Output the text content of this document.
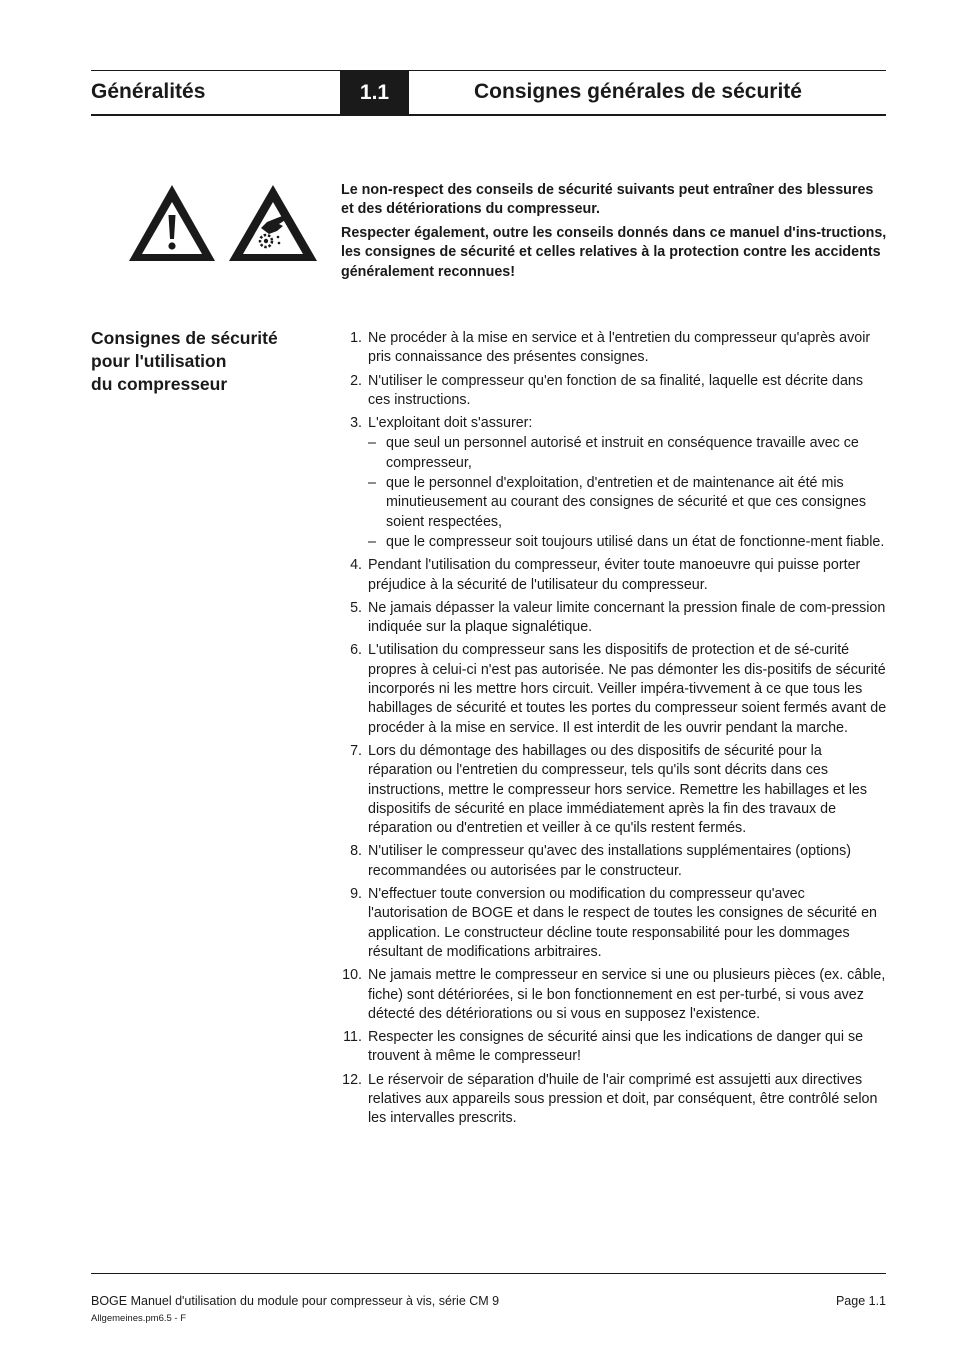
Généralités	1.1	Consignes générales de sécurité

Le non-respect des conseils de sécurité suivants peut entraîner des blessures et des détériorations du compresseur.

Respecter également, outre les conseils donnés dans ce manuel d'ins-tructions, les consignes de sécurité et celles relatives à la protection contre les accidents généralement reconnues!

Consignes de sécurité
pour l'utilisation
du compresseur
1. Ne procéder à la mise en service et à l'entretien du compresseur qu'après avoir pris connaissance des présentes consignes.
2. N'utiliser le compresseur qu'en fonction de sa finalité, laquelle est décrite dans ces instructions.
3. L'exploitant doit s'assurer:
– que seul un personnel autorisé et instruit en conséquence travaille avec ce compresseur,
– que le personnel d'exploitation, d'entretien et de maintenance ait été mis minutieusement au courant des consignes de sécurité et que ces consignes soient respectées,
– que le compresseur soit toujours utilisé dans un état de fonctionne-ment fiable.
4. Pendant l'utilisation du compresseur, éviter toute manoeuvre qui puisse porter préjudice à la sécurité de l'utilisateur du compresseur.
5. Ne jamais dépasser la valeur limite concernant la pression finale de com-pression indiquée sur la plaque signalétique.
6. L'utilisation du compresseur sans les dispositifs de protection et de sé-curité propres à celui-ci n'est pas autorisée. Ne pas démonter les dis-positifs de sécurité incorporés ni les mettre hors circuit. Veiller impéra-tivvement à ce que tous les habillages de sécurité et toutes les portes du compresseur soient fermés avant de procéder à la mise en service. Il est interdit de les ouvrir pendant la marche.
7. Lors du démontage des habillages ou des dispositifs de sécurité pour la réparation ou l'entretien du compresseur, tels qu'ils sont décrits dans ces instructions, mettre le compresseur hors service. Remettre les habillages et les dispositifs de sécurité en place immédiatement après la fin des travaux de réparation ou d'entretien et veiller à ce qu'ils restent fermés.
8. N'utiliser le compresseur qu'avec des installations supplémentaires (options) recommandées ou autorisées par le constructeur.
9. N'effectuer toute conversion ou modification du compresseur qu'avec l'autorisation de BOGE et dans le respect de toutes les consignes de sécurité en application. Le constructeur décline toute responsabilité pour les dommages résultant de modifications arbitraires.
10. Ne jamais mettre le compresseur en service si une ou plusieurs pièces (ex. câble, fiche) sont détériorées, si le bon fonctionnement en est per-turbé, si vous avez détecté des détériorations ou si vous en supposez l'existence.
11. Respecter les consignes de sécurité ainsi que les indications de danger qui se trouvent à même le compresseur!
12. Le réservoir de séparation d'huile de l'air comprimé est assujetti aux directives relatives aux appareils sous pression et doit, par conséquent, être contrôlé selon les intervalles prescrits.
BOGE Manuel d'utilisation du module pour compresseur à vis, série CM 9	Page 1.1
Allgemeines.pm6.5 - F
